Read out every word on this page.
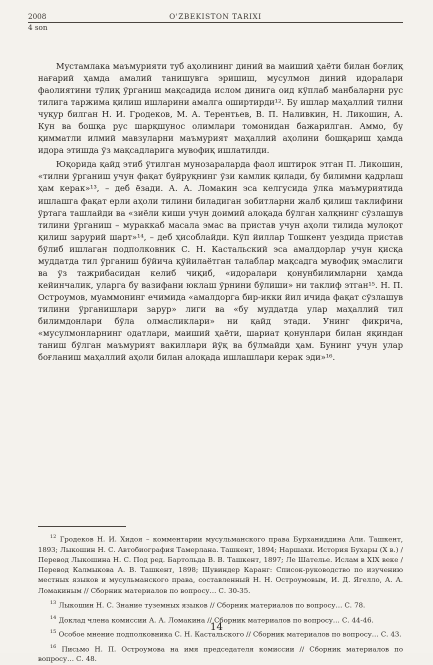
2008
4 son
O'ZBEKISTON TARIXI

Мустамлака маъмурияти туб аҳолининг диний ва маиший ҳаёти билан боғлиқ нағарий ҳамда амалий танишувга эришиш, мусулмон диний идоралари фаолиятини тўлиқ ўрганиш мақсадида ислом динига оид кўплаб манбаларни рус тилига таржима қилиш ишларини амалга оширтирди¹². Бу ишлар маҳаллий тилни чуқур билган Н. И. Гродеков, М. А. Терентьев, В. П. Наливкин, Н. Ликошин, А. Кун ва бошқа рус шарқшунос олимлари томонидан бажарилган. Аммо, бу қимматли илмий мавзуларни маъмурият маҳаллий аҳолини бошқариш ҳамда идора этишда ўз мақсадларига мувофиқ ишлатилди.

Юқорида қайд этиб ўтилган мунозараларда фаол иштирок этган П. Ликошин, «тилни ўрганиш учун фақат буйруқнинг ўзи камлик қилади, бу билимни қадрлаш ҳам керак»¹³, – деб ёзади. А. А. Ломакин эса келгусида ўлка маъмуриятида ишлашга фақат ерли аҳоли тилини биладиган зобитларни жалб қилиш таклифини ўртага ташлайди ва «зиёли киши учун доимий алоқада бўлган халқнинг сўзлашув тилини ўрганиш – мураккаб масала эмас ва пристав учун аҳоли тилида мулоқот қилиш зарурий шарт»¹⁴, – деб ҳисоблайди. Кўп йиллар Тошкент уездида пристав бўлиб ишлаган подполковник С. Н. Кастальский эса амалдорлар учун қисқа муддатда тил ўрганиш бўйича қўйилаётган талаблар мақсадга мувофиқ эмаслиги ва ўз тажрибасидан келиб чиқиб, «идоралари қонунбилимларни ҳамда кейинчалик, уларга бу вазифани юклаш ўрнини бўлиши» ни таклиф этган¹⁵. Н. П. Остроумов, муаммонинг ечимида «амалдорга бир-икки йил ичида фақат сўзлашув тилини ўрганишлари зарур» лиги ва «бу муддатда улар маҳаллий тил билимдонлари бўла олмасликлари» ни қайд этади. Унинг фикрича, «мусулмонларнинг одатлари, маиший ҳаёти, шариат қонунлари билан яқиндан таниш бўлган маъмурият вакиллари йўқ ва бўлмайди ҳам. Бунинг учун улар боғланиш маҳаллий аҳоли билан алоқада ишлашлари керак эди»¹⁶.

$^{12}$ Гродеков Н. И. Хидоя – комментарии мусульманского права Бурханиддина Али. Ташкент, 1893; Лыкошин Н. С. Автобиография Тамерлана. Ташкент, 1894; Наршахи. История Бухары (X в.) / Перевод Лыкошина Н. С. Под ред. Бартольда В. В. Ташкент, 1897; Ле Шателье. Ислам в XIX веке / Перевод Калмыкова А. В. Ташкент, 1898; Шувиндер Каранг: Список-руководство по изучению местных языков и мусульманского права, составленный Н. Н. Остроумовым, И. Д. Ягелло, А. А. Ломакиным // Сборник материалов по вопросу… С. 30-35.

$^{13}$ Лыкошин Н. С. Знание туземных языков // Сборник материалов по вопросу… С. 78.

$^{14}$ Доклад члена комиссии А. А. Ломакина // Сборник материалов по вопросу… С. 44-46.

$^{15}$ Особое мнение подполковника С. Н. Кастальского // Сборник материалов по вопросу… С. 43.

$^{16}$ Письмо Н. П. Остроумова на имя председателя комиссии // Сборник материалов по вопросу… С. 48.

14
